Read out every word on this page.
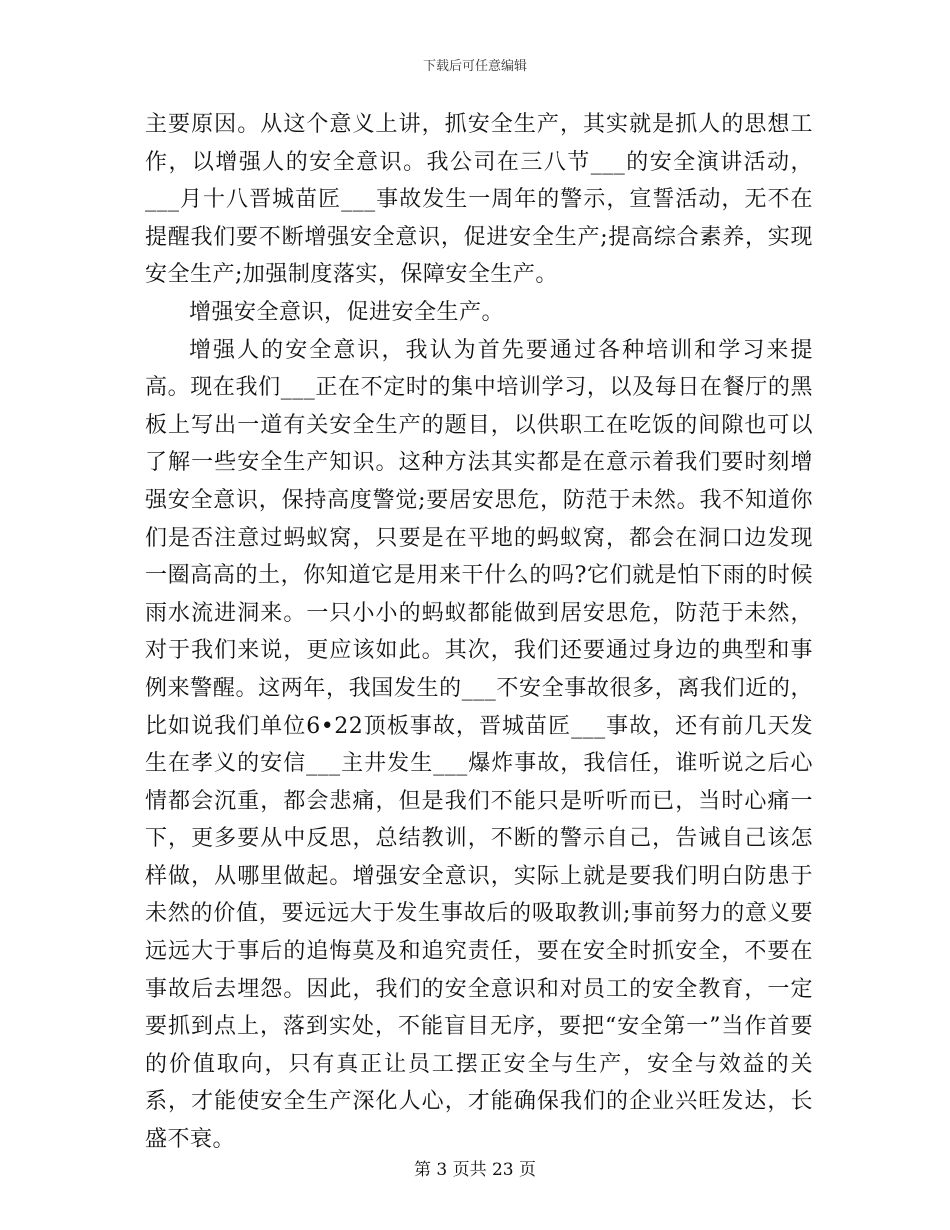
下载后可任意编辑

主要原因。从这个意义上讲，抓安全生产，其实就是抓人的思想工作，以增强人的安全意识。我公司在三八节___的安全演讲活动，___月十八晋城苗匠___事故发生一周年的警示，宣誓活动，无不在提醒我们要不断增强安全意识，促进安全生产;提高综合素养，实现安全生产;加强制度落实，保障安全生产。

增强安全意识，促进安全生产。

增强人的安全意识，我认为首先要通过各种培训和学习来提高。现在我们___正在不定时的集中培训学习，以及每日在餐厅的黑板上写出一道有关安全生产的题目，以供职工在吃饭的间隙也可以了解一些安全生产知识。这种方法其实都是在意示着我们要时刻增强安全意识，保持高度警觉;要居安思危，防范于未然。我不知道你们是否注意过蚂蚁窝，只要是在平地的蚂蚁窝，都会在洞口边发现一圈高高的土，你知道它是用来干什么的吗?它们就是怕下雨的时候雨水流进洞来。一只小小的蚂蚁都能做到居安思危，防范于未然，对于我们来说，更应该如此。其次，我们还要通过身边的典型和事例来警醒。这两年，我国发生的___不安全事故很多，离我们近的，比如说我们单位6•22顶板事故，晋城苗匠___事故，还有前几天发生在孝义的安信___主井发生___爆炸事故，我信任，谁听说之后心情都会沉重，都会悲痛，但是我们不能只是听听而已，当时心痛一下，更多要从中反思，总结教训，不断的警示自己，告诫自己该怎样做，从哪里做起。增强安全意识，实际上就是要我们明白防患于未然的价值，要远远大于发生事故后的吸取教训;事前努力的意义要远远大于事后的追悔莫及和追究责任，要在安全时抓安全，不要在事故后去埋怨。因此，我们的安全意识和对员工的安全教育，一定要抓到点上，落到实处，不能盲目无序，要把“安全第一”当作首要的价值取向，只有真正让员工摆正安全与生产，安全与效益的关系，才能使安全生产深化人心，才能确保我们的企业兴旺发达，长盛不衰。

第 3 页共 23 页
